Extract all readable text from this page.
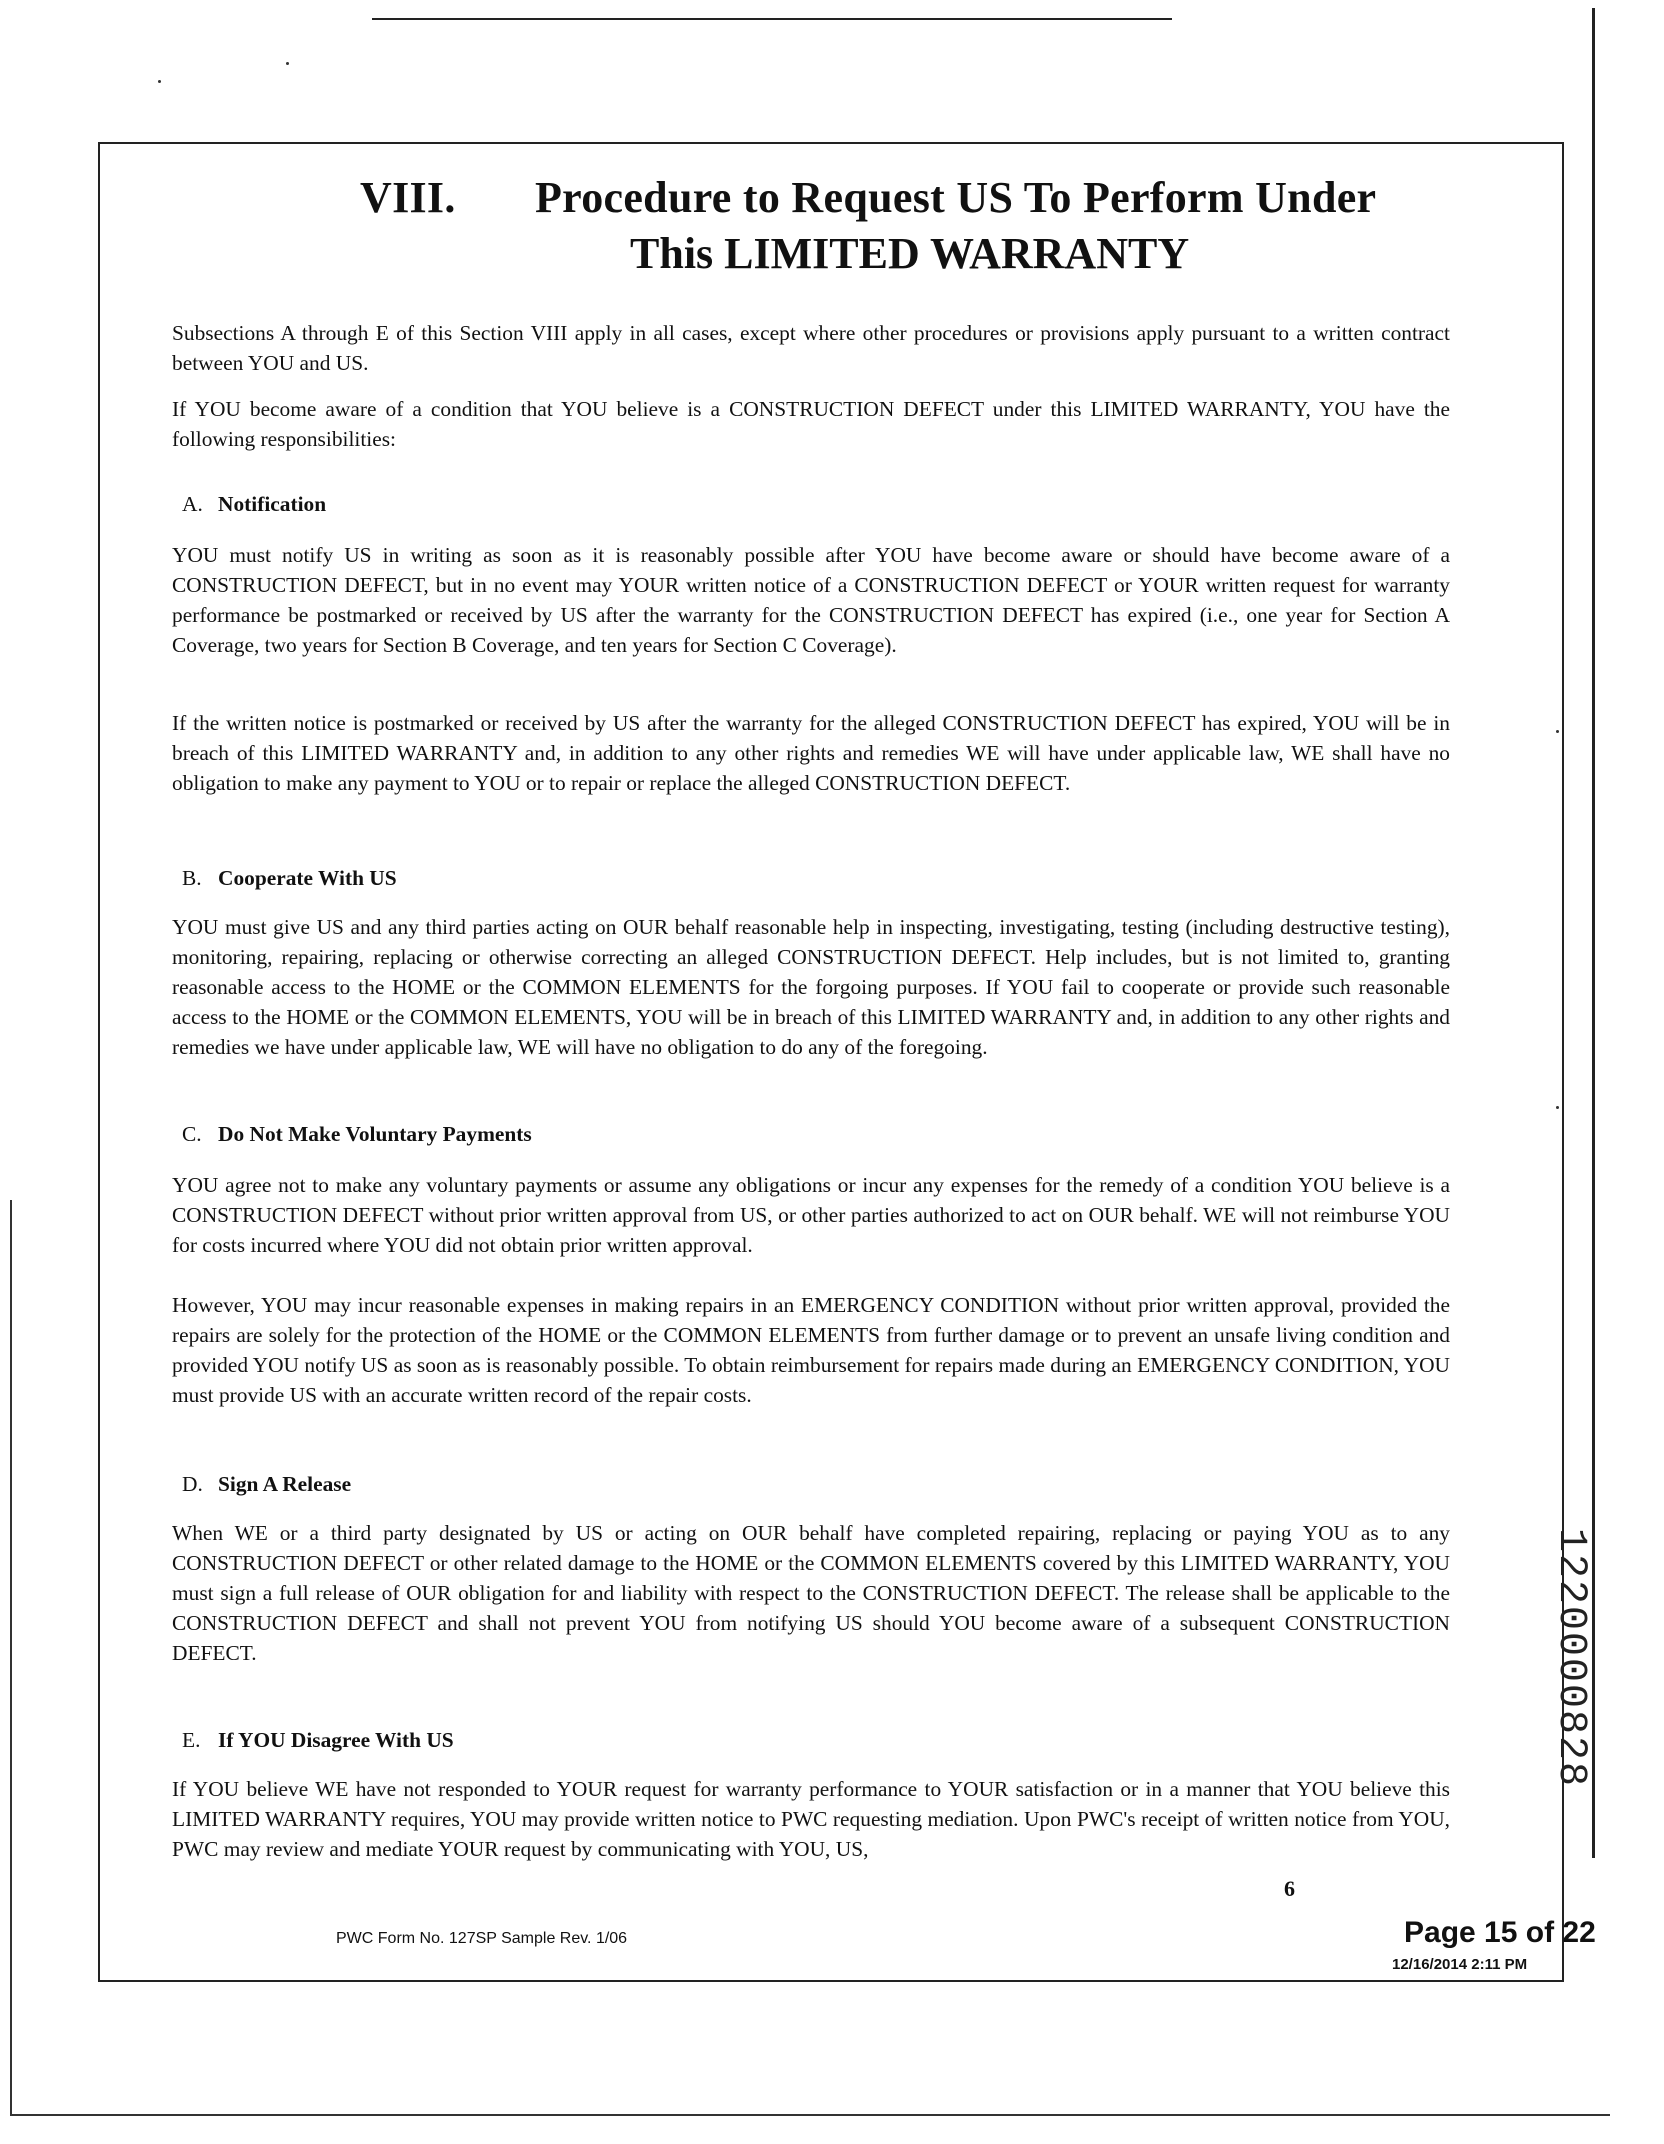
VIII. Procedure to Request US To Perform Under
This LIMITED WARRANTY
Subsections A through E of this Section VIII apply in all cases, except where other procedures or provisions apply pursuant to a written contract between YOU and US.
If YOU become aware of a condition that YOU believe is a CONSTRUCTION DEFECT under this LIMITED WARRANTY, YOU have the following responsibilities:
A. Notification
YOU must notify US in writing as soon as it is reasonably possible after YOU have become aware or should have become aware of a CONSTRUCTION DEFECT, but in no event may YOUR written notice of a CONSTRUCTION DEFECT or YOUR written request for warranty performance be postmarked or received by US after the warranty for the CONSTRUCTION DEFECT has expired (i.e., one year for Section A Coverage, two years for Section B Coverage, and ten years for Section C Coverage).
If the written notice is postmarked or received by US after the warranty for the alleged CONSTRUCTION DEFECT has expired, YOU will be in breach of this LIMITED WARRANTY and, in addition to any other rights and remedies WE will have under applicable law, WE shall have no obligation to make any payment to YOU or to repair or replace the alleged CONSTRUCTION DEFECT.
B. Cooperate With US
YOU must give US and any third parties acting on OUR behalf reasonable help in inspecting, investigating, testing (including destructive testing), monitoring, repairing, replacing or otherwise correcting an alleged CONSTRUCTION DEFECT. Help includes, but is not limited to, granting reasonable access to the HOME or the COMMON ELEMENTS for the forgoing purposes. If YOU fail to cooperate or provide such reasonable access to the HOME or the COMMON ELEMENTS, YOU will be in breach of this LIMITED WARRANTY and, in addition to any other rights and remedies we have under applicable law, WE will have no obligation to do any of the foregoing.
C. Do Not Make Voluntary Payments
YOU agree not to make any voluntary payments or assume any obligations or incur any expenses for the remedy of a condition YOU believe is a CONSTRUCTION DEFECT without prior written approval from US, or other parties authorized to act on OUR behalf. WE will not reimburse YOU for costs incurred where YOU did not obtain prior written approval.
However, YOU may incur reasonable expenses in making repairs in an EMERGENCY CONDITION without prior written approval, provided the repairs are solely for the protection of the HOME or the COMMON ELEMENTS from further damage or to prevent an unsafe living condition and provided YOU notify US as soon as is reasonably possible. To obtain reimbursement for repairs made during an EMERGENCY CONDITION, YOU must provide US with an accurate written record of the repair costs.
D. Sign A Release
When WE or a third party designated by US or acting on OUR behalf have completed repairing, replacing or paying YOU as to any CONSTRUCTION DEFECT or other related damage to the HOME or the COMMON ELEMENTS covered by this LIMITED WARRANTY, YOU must sign a full release of OUR obligation for and liability with respect to the CONSTRUCTION DEFECT. The release shall be applicable to the CONSTRUCTION DEFECT and shall not prevent YOU from notifying US should YOU become aware of a subsequent CONSTRUCTION DEFECT.
E. If YOU Disagree With US
If YOU believe WE have not responded to YOUR request for warranty performance to YOUR satisfaction or in a manner that YOU believe this LIMITED WARRANTY requires, YOU may provide written notice to PWC requesting mediation. Upon PWC's receipt of written notice from YOU, PWC may review and mediate YOUR request by communicating with YOU, US,
6
PWC Form No. 127SP Sample Rev. 1/06	Page 15 of 22
12/16/2014 2:11 PM
1220000828
